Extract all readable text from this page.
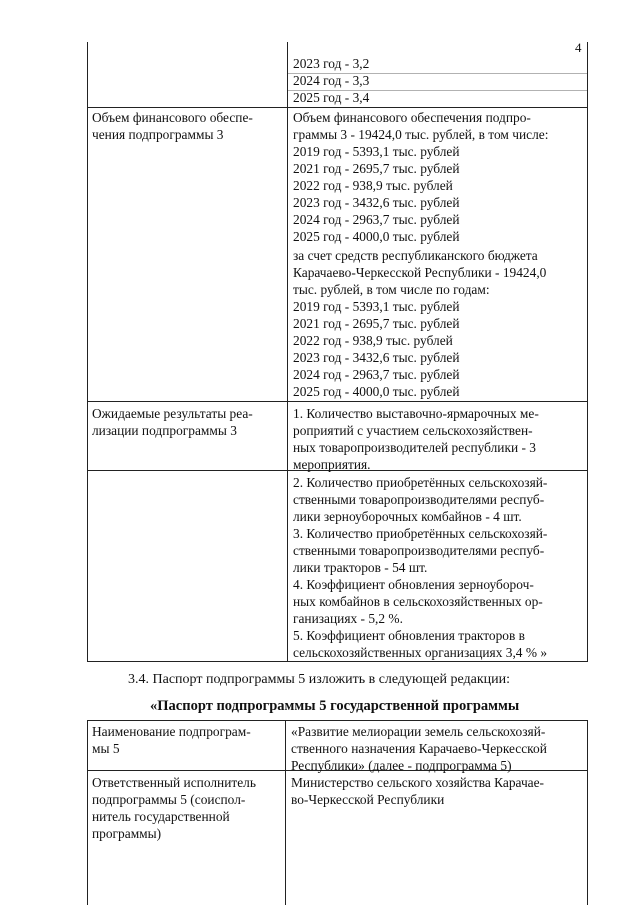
4
2023 год - 3,2
2024 год - 3,3
2025 год - 3,4
Объем финансового обеспе-
чения подпрограммы 3
Объем финансового обеспечения подпро-
граммы 3 - 19424,0 тыс. рублей, в том числе:
2019 год - 5393,1 тыс. рублей
2021 год - 2695,7 тыс. рублей
2022 год - 938,9 тыс. рублей
2023 год - 3432,6 тыс. рублей
2024 год - 2963,7 тыс. рублей
2025 год - 4000,0 тыс. рублей
за счет средств республиканского бюджета
Карачаево-Черкесской Республики - 19424,0
тыс. рублей, в том числе по годам:
2019 год - 5393,1 тыс. рублей
2021 год - 2695,7 тыс. рублей
2022 год - 938,9 тыс. рублей
2023 год - 3432,6 тыс. рублей
2024 год - 2963,7 тыс. рублей
2025 год - 4000,0 тыс. рублей
Ожидаемые результаты реа-
лизации подпрограммы 3
1. Количество выставочно-ярмарочных ме-
роприятий с участием сельскохозяйствен-
ных товаропроизводителей республики - 3
мероприятия.
2. Количество приобретённых сельскохозяй-
ственными товаропроизводителями респуб-
лики зерноуборочных комбайнов - 4 шт.
3. Количество приобретённых сельскохозяй-
ственными товаропроизводителями респуб-
лики тракторов - 54 шт.
4. Коэффициент обновления зерноубороч-
ных комбайнов в сельскохозяйственных ор-
ганизациях - 5,2 %.
5. Коэффициент обновления тракторов в
сельскохозяйственных организациях 3,4 % »
3.4. Паспорт подпрограммы 5 изложить в следующей редакции:
«Паспорт подпрограммы 5 государственной программы
Наименование подпрограм-
мы 5
«Развитие мелиорации земель сельскохозяй-
ственного назначения Карачаево-Черкесской
Республики» (далее - подпрограмма 5)
Ответственный исполнитель
подпрограммы 5 (соиспол-
нитель государственной
программы)
Министерство сельского хозяйства Карачае-
во-Черкесской Республики
